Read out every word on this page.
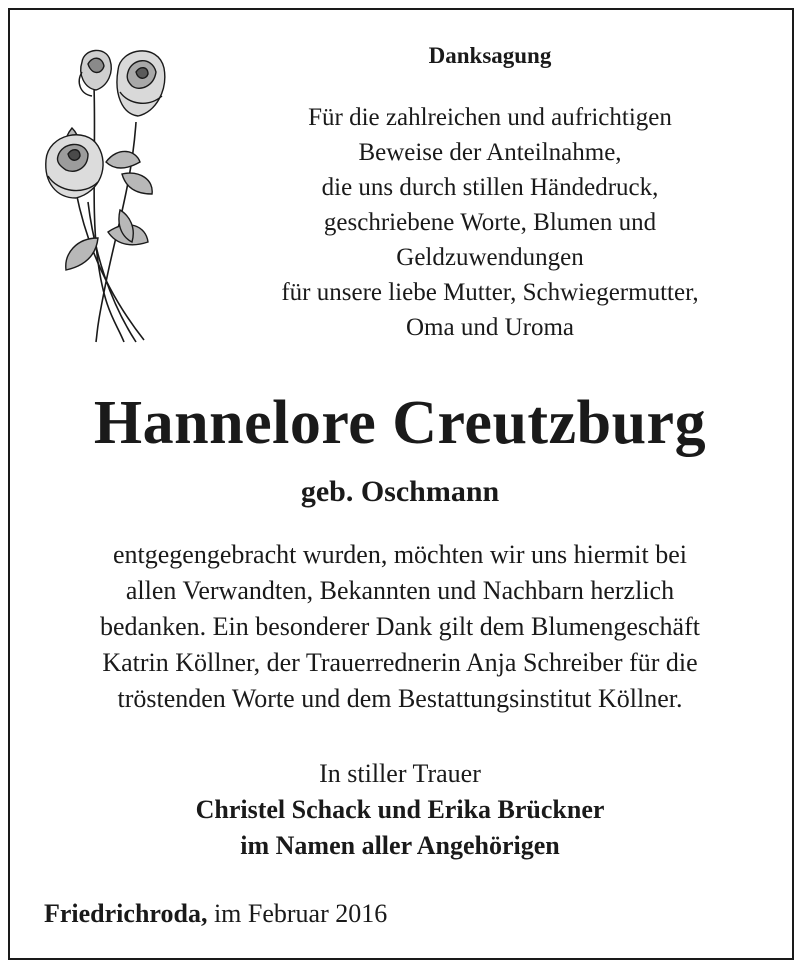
Danksagung
Für die zahlreichen und aufrichtigen
Beweise der Anteilnahme,
die uns durch stillen Händedruck,
geschriebene Worte, Blumen und
Geldzuwendungen
für unsere liebe Mutter, Schwiegermutter,
Oma und Uroma
Hannelore Creutzburg
geb. Oschmann
entgegengebracht wurden, möchten wir uns hiermit bei
allen Verwandten, Bekannten und Nachbarn herzlich
bedanken. Ein besonderer Dank gilt dem Blumengeschäft
Katrin Köllner, der Trauerrednerin Anja Schreiber für die
tröstenden Worte und dem Bestattungsinstitut Köllner.
In stiller Trauer
Christel Schack und Erika Brückner
im Namen aller Angehörigen
Friedrichroda, im Februar 2016
